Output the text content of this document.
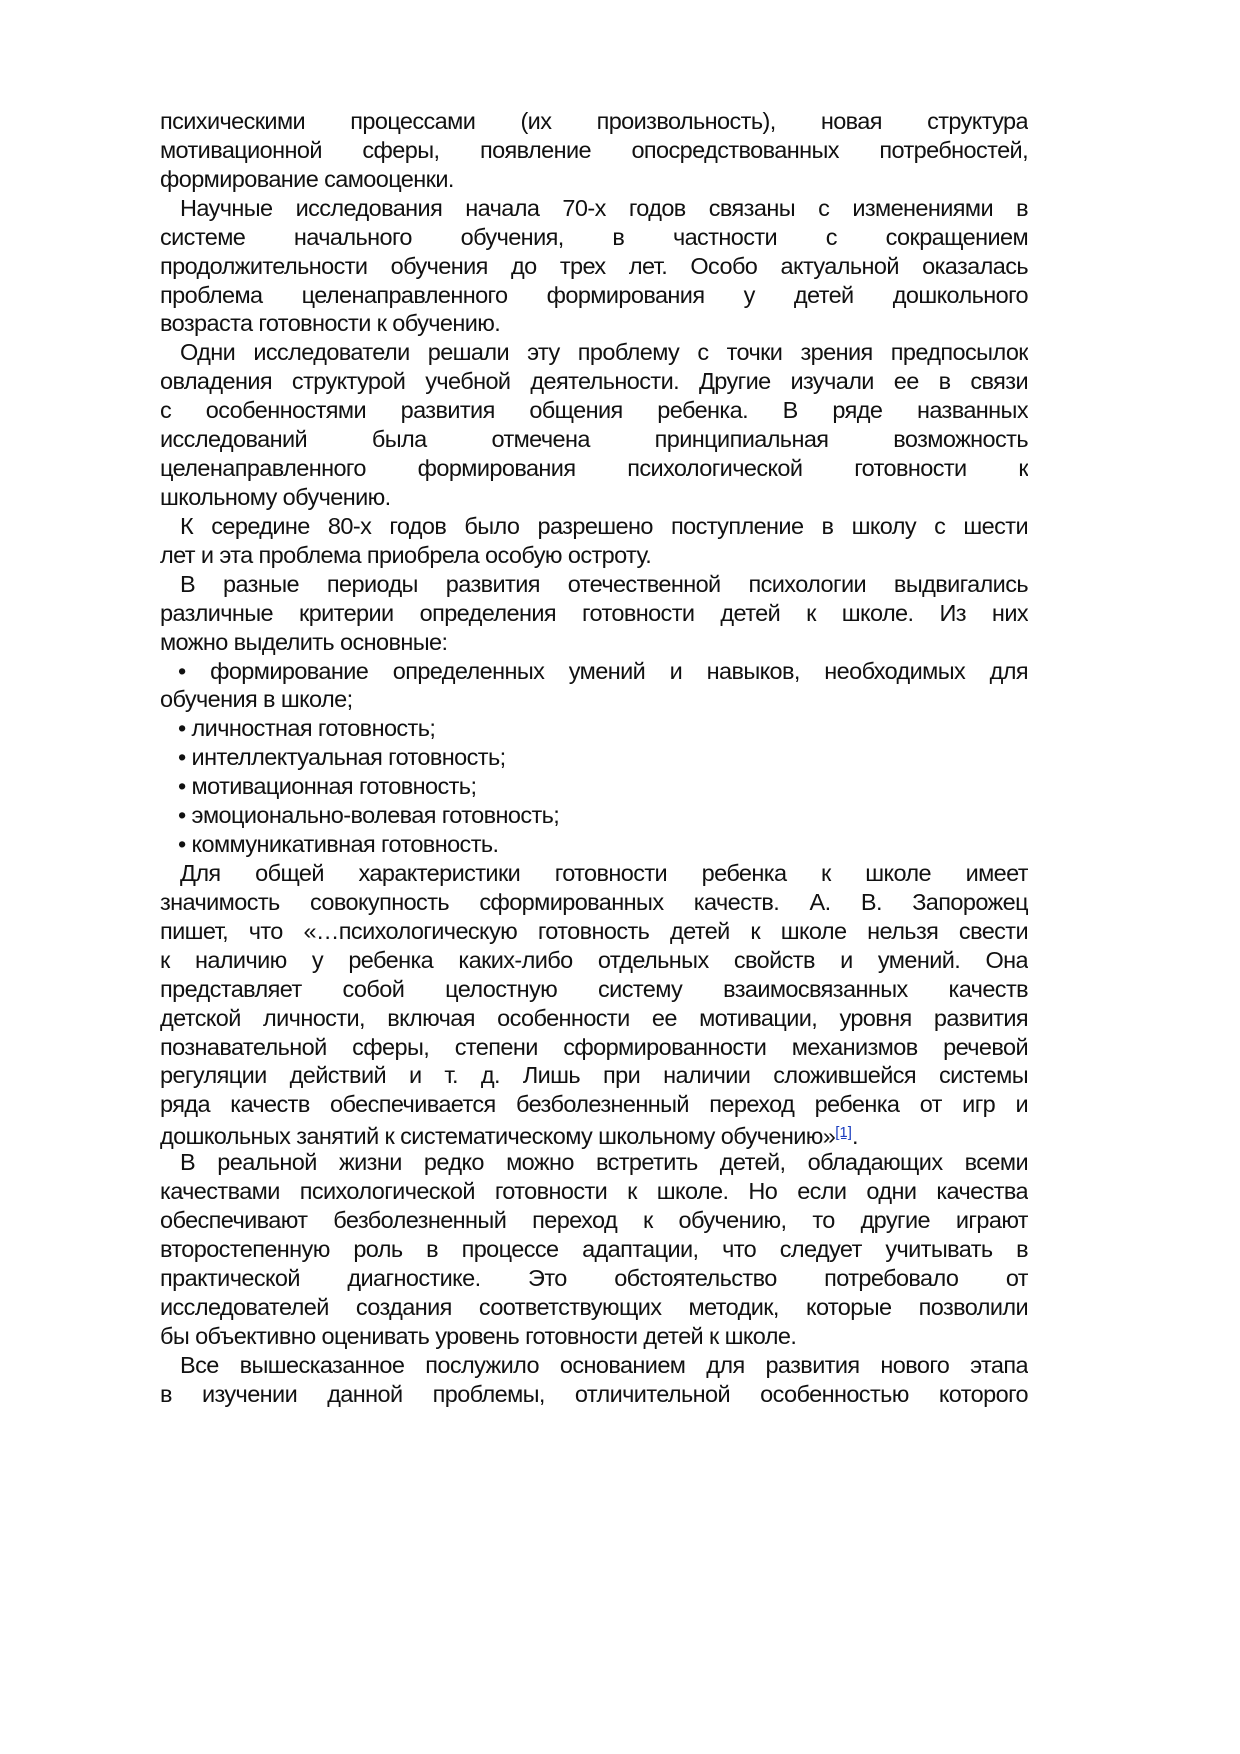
психическими процессами (их произвольность), новая структура
мотивационной сферы, появление опосредствованных потребностей,
формирование самооценки.
Научные исследования начала 70-х годов связаны с изменениями в
системе начального обучения, в частности с сокращением
продолжительности обучения до трех лет. Особо актуальной оказалась
проблема целенаправленного формирования у детей дошкольного
возраста готовности к обучению.
Одни исследователи решали эту проблему с точки зрения предпосылок
овладения структурой учебной деятельности. Другие изучали ее в связи
с особенностями развития общения ребенка. В ряде названных
исследований была отмечена принципиальная возможность
целенаправленного формирования психологической готовности к
школьному обучению.
К середине 80-х годов было разрешено поступление в школу с шести
лет и эта проблема приобрела особую остроту.
В разные периоды развития отечественной психологии выдвигались
различные критерии определения готовности детей к школе. Из них
можно выделить основные:
• формирование определенных умений и навыков, необходимых для
обучения в школе;
• личностная готовность;
• интеллектуальная готовность;
• мотивационная готовность;
• эмоционально-волевая готовность;
• коммуникативная готовность.
Для общей характеристики готовности ребенка к школе имеет
значимость совокупность сформированных качеств. А. В. Запорожец
пишет, что «…психологическую готовность детей к школе нельзя свести
к наличию у ребенка каких-либо отдельных свойств и умений. Она
представляет собой целостную систему взаимосвязанных качеств
детской личности, включая особенности ее мотивации, уровня развития
познавательной сферы, степени сформированности механизмов речевой
регуляции действий и т. д. Лишь при наличии сложившейся системы
ряда качеств обеспечивается безболезненный переход ребенка от игр и
дошкольных занятий к систематическому школьному обучению»[1].
В реальной жизни редко можно встретить детей, обладающих всеми
качествами психологической готовности к школе. Но если одни качества
обеспечивают безболезненный переход к обучению, то другие играют
второстепенную роль в процессе адаптации, что следует учитывать в
практической диагностике. Это обстоятельство потребовало от
исследователей создания соответствующих методик, которые позволили
бы объективно оценивать уровень готовности детей к школе.
Все вышесказанное послужило основанием для развития нового этапа
в изучении данной проблемы, отличительной особенностью которого
